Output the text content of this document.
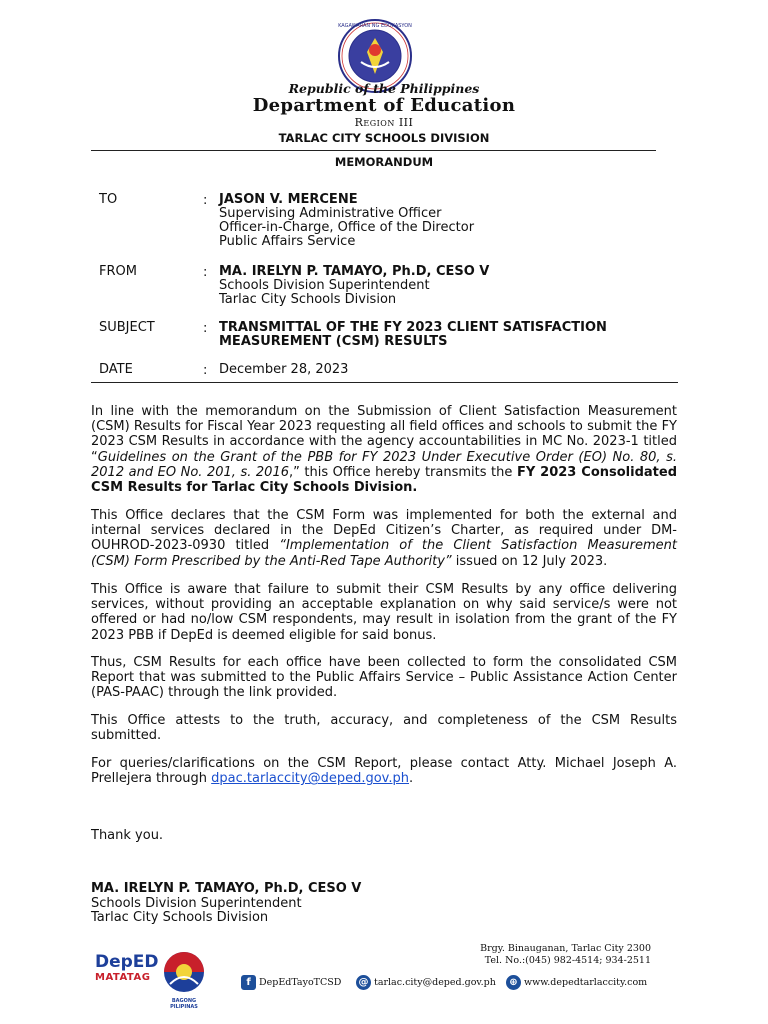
KAGAWARAN NG EDUKASYON
Republic of the Philippines
Department of Education
Region III
TARLAC CITY SCHOOLS DIVISION
MEMORANDUM
TO	: JASON V. MERCENE
Supervising Administrative Officer
Officer-in-Charge, Office of the Director
Public Affairs Service
FROM	: MA. IRELYN P. TAMAYO, Ph.D, CESO V
Schools Division Superintendent
Tarlac City Schools Division
SUBJECT	: TRANSMITTAL OF THE FY 2023 CLIENT SATISFACTION MEASUREMENT (CSM) RESULTS
DATE	: December 28, 2023

In line with the memorandum on the Submission of Client Satisfaction Measurement (CSM) Results for Fiscal Year 2023 requesting all field offices and schools to submit the FY 2023 CSM Results in accordance with the agency accountabilities in MC No. 2023-1 titled “Guidelines on the Grant of the PBB for FY 2023 Under Executive Order (EO) No. 80, s. 2012 and EO No. 201, s. 2016,” this Office hereby transmits the FY 2023 Consolidated CSM Results for Tarlac City Schools Division.

This Office declares that the CSM Form was implemented for both the external and internal services declared in the DepEd Citizen’s Charter, as required under DM-OUHROD-2023-0930 titled “Implementation of the Client Satisfaction Measurement (CSM) Form Prescribed by the Anti-Red Tape Authority” issued on 12 July 2023.

This Office is aware that failure to submit their CSM Results by any office delivering services, without providing an acceptable explanation on why said service/s were not offered or had no/low CSM respondents, may result in isolation from the grant of the FY 2023 PBB if DepEd is deemed eligible for said bonus.

Thus, CSM Results for each office have been collected to form the consolidated CSM Report that was submitted to the Public Affairs Service – Public Assistance Action Center (PAS-PAAC) through the link provided.

This Office attests to the truth, accuracy, and completeness of the CSM Results submitted.

For queries/clarifications on the CSM Report, please contact Atty. Michael Joseph A. Prellejera through dpac.tarlaccity@deped.gov.ph.

Thank you.
MA. IRELYN P. TAMAYO, Ph.D, CESO V
Schools Division Superintendent
Tarlac City Schools Division
DepED
MATATAG
BAGONG PILIPINAS
Brgy. Binauganan, Tarlac City 2300
Tel. No.:(045) 982-4514; 934-2511
f DepEdTayoTCSD @ tarlac.city@deped.gov.ph	⊕ www.depedtarlaccity.com
